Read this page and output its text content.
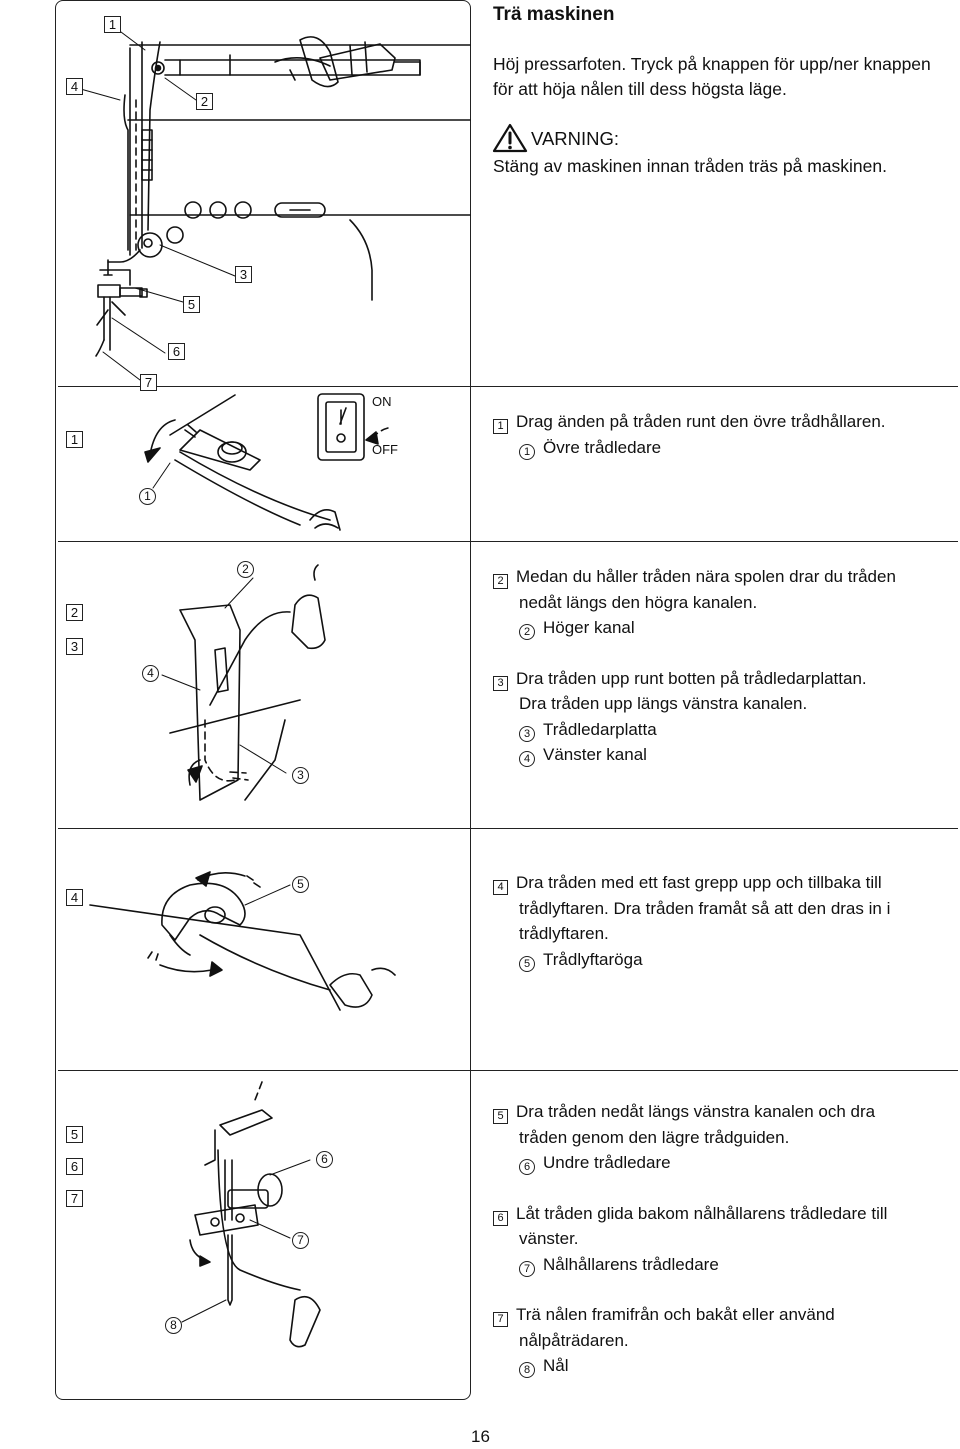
Trä maskinen
Höj pressarfoten. Tryck på knappen för upp/ner knappen
för att höja nålen till dess högsta läge.
VARNING:
Stäng av maskinen innan tråden träs på maskinen.
1
4
2
3
5
6
7
ON
OFF
1
1
1 Drag änden på tråden runt den övre trådhållaren.
1 Övre trådledare
2
3
2
4
3
2 Medan du håller tråden nära spolen drar du tråden
nedåt längs den högra kanalen.
2 Höger kanal
3 Dra tråden upp runt botten på trådledarplattan.
Dra tråden upp längs vänstra kanalen.
3 Trådledarplatta
4 Vänster kanal
4
5	4 Dra tråden med ett fast grepp upp och tillbaka till
trådlyftaren. Dra tråden framåt så att den dras in i
trådlyftaren.
5 Trådlyftaröga
5
6
7
6
7
8
5 Dra tråden nedåt längs vänstra kanalen och dra
tråden genom den lägre trådguiden.
6 Undre trådledare
6 Låt tråden glida bakom nålhållarens trådledare till
vänster.
7 Nålhållarens trådledare
7 Trä nålen framifrån och bakåt eller använd
nålpåträdaren.
8 Nål
16
